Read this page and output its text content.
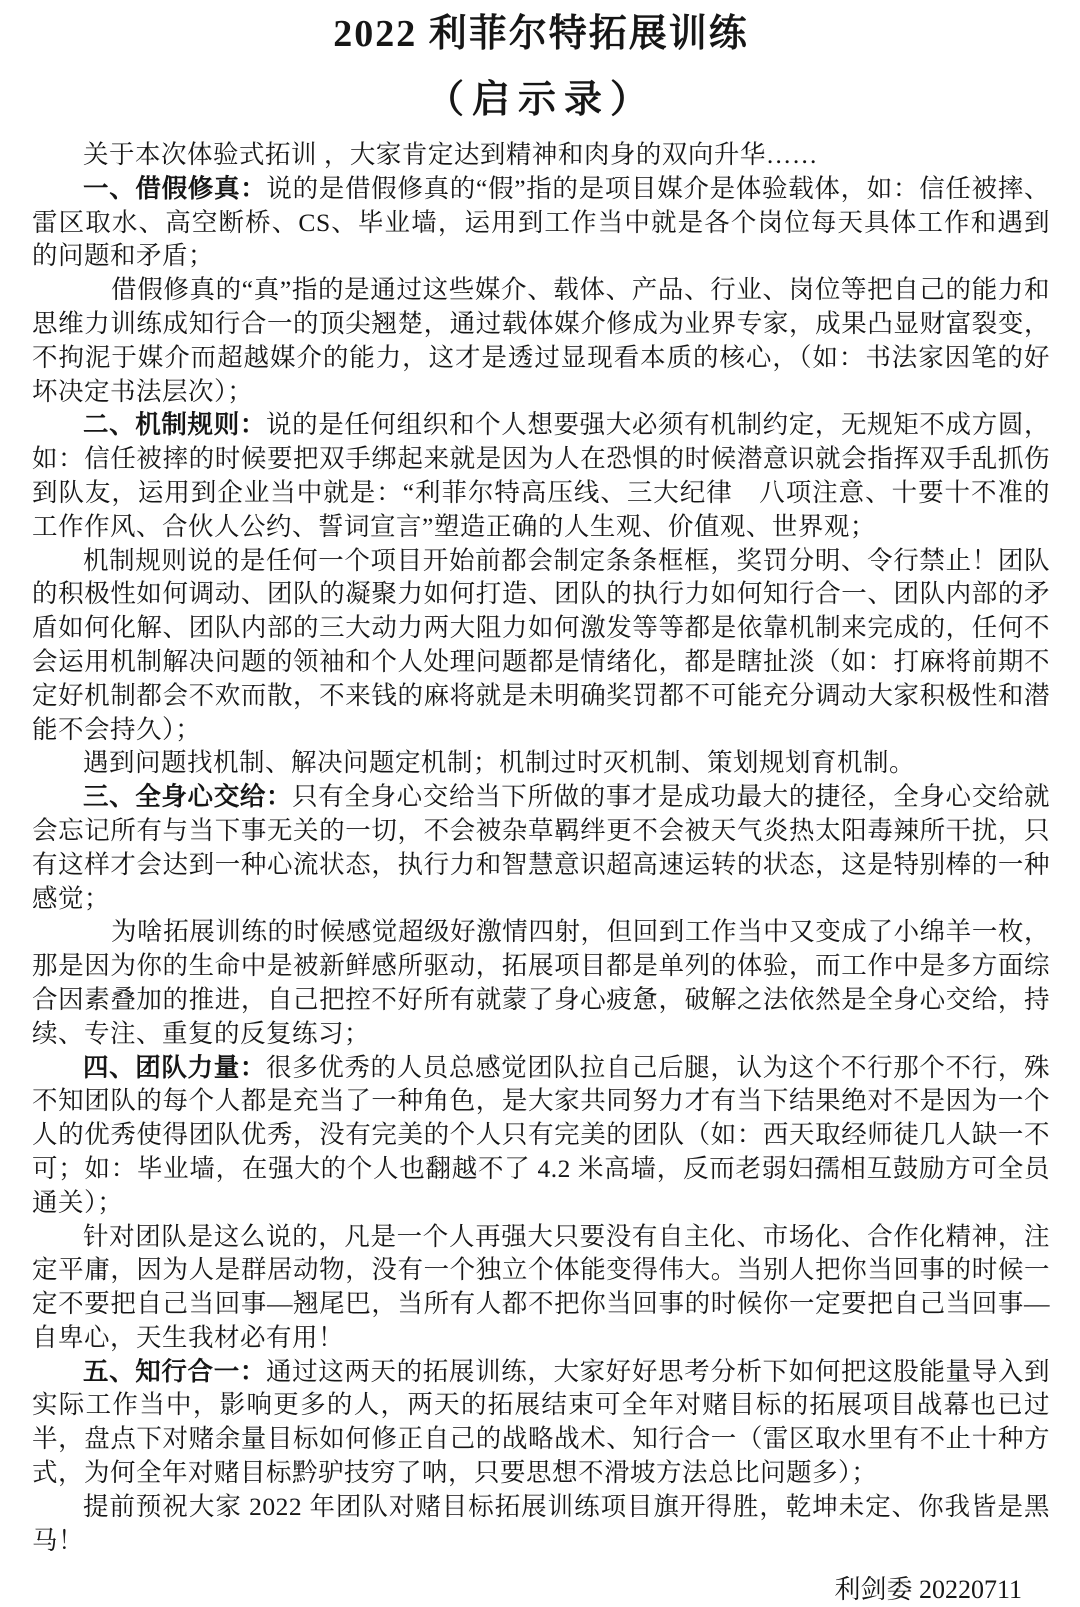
2022 利菲尔特拓展训练
（启示录）

关于本次体验式拓训 ，大家肯定达到精神和肉身的双向升华……

一、借假修真：说的是借假修真的“假”指的是项目媒介是体验载体，如：信任被摔、雷区取水、高空断桥、CS、毕业墙，运用到工作当中就是各个岗位每天具体工作和遇到的问题和矛盾；

借假修真的“真”指的是通过这些媒介、载体、产品、行业、岗位等把自己的能力和思维力训练成知行合一的顶尖翘楚，通过载体媒介修成为业界专家，成果凸显财富裂变，不拘泥于媒介而超越媒介的能力，这才是透过显现看本质的核心，（如：书法家因笔的好坏决定书法层次）；

二、机制规则：说的是任何组织和个人想要强大必须有机制约定，无规矩不成方圆，如：信任被摔的时候要把双手绑起来就是因为人在恐惧的时候潜意识就会指挥双手乱抓伤到队友，运用到企业当中就是：“利菲尔特高压线、三大纪律　八项注意、十要十不准的工作作风、合伙人公约、誓词宣言”塑造正确的人生观、价值观、世界观；

机制规则说的是任何一个项目开始前都会制定条条框框，奖罚分明、令行禁止！团队的积极性如何调动、团队的凝聚力如何打造、团队的执行力如何知行合一、团队内部的矛盾如何化解、团队内部的三大动力两大阻力如何激发等等都是依靠机制来完成的，任何不会运用机制解决问题的领袖和个人处理问题都是情绪化，都是瞎扯淡（如：打麻将前期不定好机制都会不欢而散，不来钱的麻将就是未明确奖罚都不可能充分调动大家积极性和潜能不会持久）；

遇到问题找机制、解决问题定机制；机制过时灭机制、策划规划育机制。

三、全身心交给：只有全身心交给当下所做的事才是成功最大的捷径，全身心交给就会忘记所有与当下事无关的一切，不会被杂草羁绊更不会被天气炎热太阳毒辣所干扰，只有这样才会达到一种心流状态，执行力和智慧意识超高速运转的状态，这是特别棒的一种感觉；

为啥拓展训练的时候感觉超级好激情四射，但回到工作当中又变成了小绵羊一枚，那是因为你的生命中是被新鲜感所驱动，拓展项目都是单列的体验，而工作中是多方面综合因素叠加的推进，自己把控不好所有就蒙了身心疲惫，破解之法依然是全身心交给，持续、专注、重复的反复练习；

四、团队力量：很多优秀的人员总感觉团队拉自己后腿，认为这个不行那个不行，殊不知团队的每个人都是充当了一种角色，是大家共同努力才有当下结果绝对不是因为一个人的优秀使得团队优秀，没有完美的个人只有完美的团队（如：西天取经师徒几人缺一不可；如：毕业墙，在强大的个人也翻越不了 4.2 米高墙，反而老弱妇孺相互鼓励方可全员通关）；

针对团队是这么说的，凡是一个人再强大只要没有自主化、市场化、合作化精神，注定平庸，因为人是群居动物，没有一个独立个体能变得伟大。当别人把你当回事的时候一定不要把自己当回事—翘尾巴，当所有人都不把你当回事的时候你一定要把自己当回事—自卑心，天生我材必有用！

五、知行合一：通过这两天的拓展训练，大家好好思考分析下如何把这股能量导入到实际工作当中，影响更多的人，两天的拓展结束可全年对赌目标的拓展项目战幕也已过半，盘点下对赌余量目标如何修正自己的战略战术、知行合一（雷区取水里有不止十种方式，为何全年对赌目标黔驴技穷了呐，只要思想不滑坡方法总比问题多）；

提前预祝大家 2022 年团队对赌目标拓展训练项目旗开得胜，乾坤未定、你我皆是黑马！

利剑委 20220711
